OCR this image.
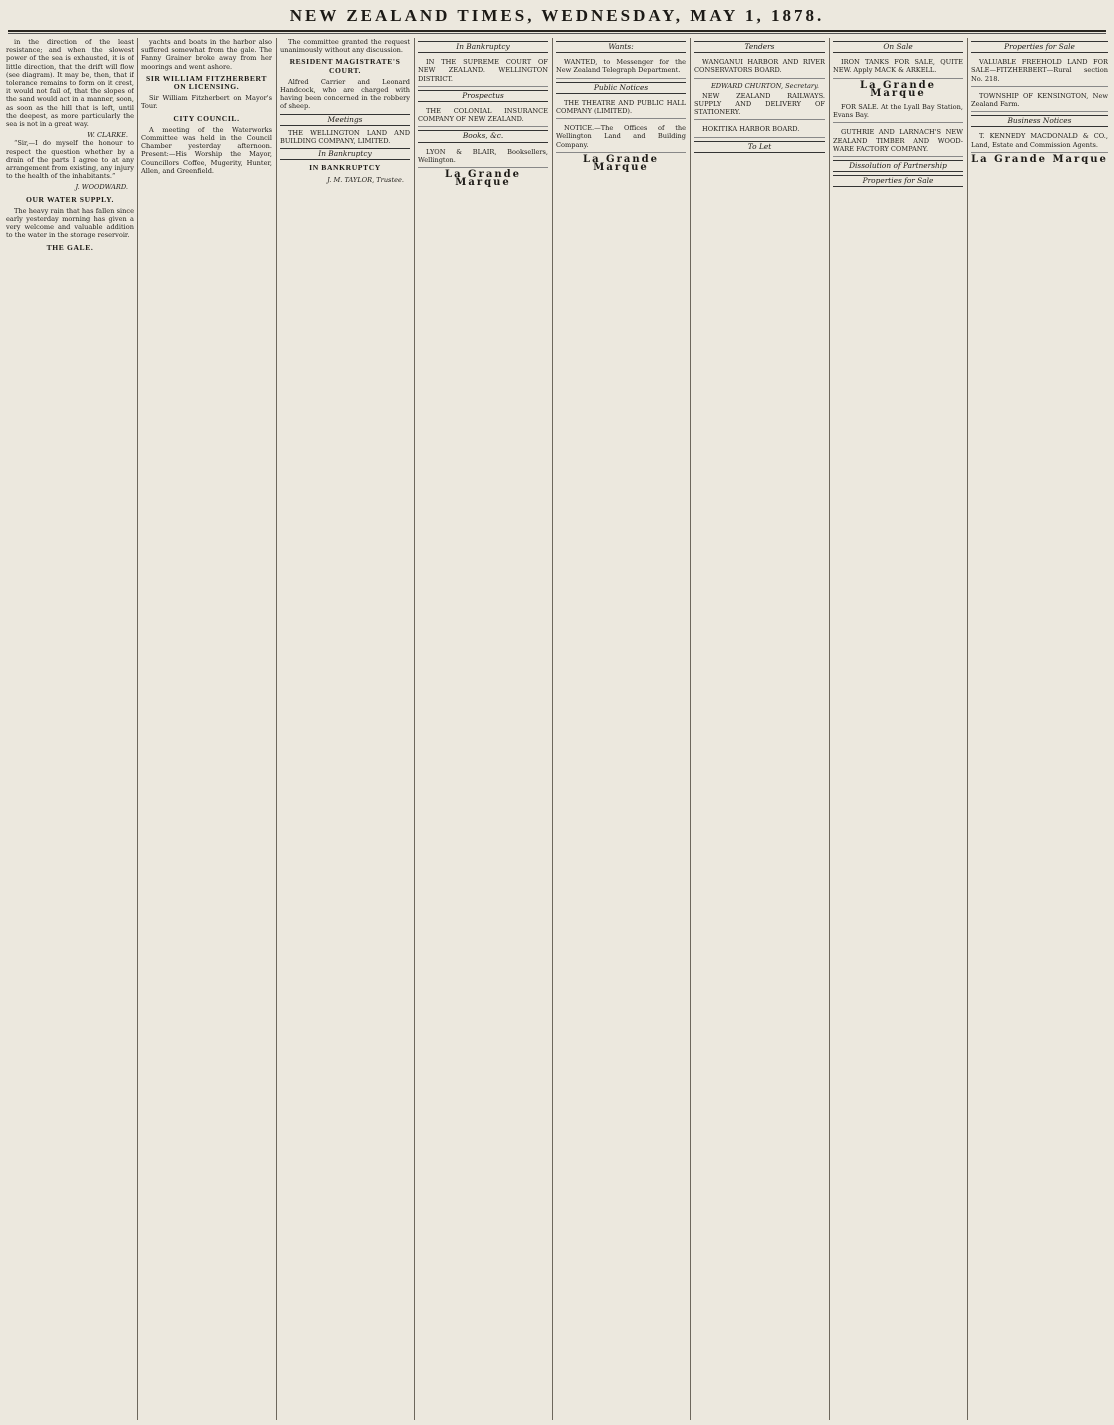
NEW ZEALAND TIMES, WEDNESDAY, MAY 1, 1878.

in the direction of the least resistance; and when the slowest power of the sea is exhausted, it is of little direction, that the drift will flow (see diagram). It may be, then, that if tolerance remains to form on it crest, it would not fail of, that the slopes of the sand would act in a manner, soon, as soon as the hill that is left, until the deepest, as more particularly the sea is not in a great way.

W. CLARKE.

“Sir,—I do myself the honour to respect the question whether by a drain of the parts I agree to at any arrangement from existing, any injury to the health of the inhabitants.”

J. WOODWARD.
OUR WATER SUPPLY.

The heavy rain that has fallen since early yesterday morning has given a very welcome and valuable addition to the water in the storage reservoir.

THE GALE.

yachts and boats in the harbor also suffered somewhat from the gale. The Fanny Grainer broke away from her moorings and went ashore.

SIR WILLIAM FITZHERBERT ON LICENSING.

Sir William Fitzherbert on Mayor's Tour.

CITY COUNCIL.

A meeting of the Waterworks Committee was held in the Council Chamber yesterday afternoon. Present:—His Worship the Mayor, Councillors Coffee, Mugerity, Hunter, Allen, and Greenfield.

The committee granted the request unanimously without any discussion.

RESIDENT MAGISTRATE'S COURT.

Alfred Carrier and Leonard Handcock, who are charged with having been concerned in the robbery of sheep.

Meetings

THE WELLINGTON LAND AND BUILDING COMPANY, LIMITED.

In Bankruptcy
IN BANKRUPTCY
J. M. TAYLOR, Trustee.
In Bankruptcy

IN THE SUPREME COURT OF NEW ZEALAND. WELLINGTON DISTRICT.

Prospectus

THE COLONIAL INSURANCE COMPANY OF NEW ZEALAND.

Books, &c.

LYON & BLAIR, Booksellers, Wellington.

La Grande Marque
Wants:

WANTED, to Messenger for the New Zealand Telegraph Department.

Public Notices

THE THEATRE AND PUBLIC HALL COMPANY (LIMITED).

NOTICE.—The Offices of the Wellington Land and Building Company.

La Grande Marque
Tenders

WANGANUI HARBOR AND RIVER CONSERVATORS BOARD.

EDWARD CHURTON, Secretary.

NEW ZEALAND RAILWAYS. SUPPLY AND DELIVERY OF STATIONERY.

HOKITIKA HARBOR BOARD.

To Let
On Sale

IRON TANKS FOR SALE, QUITE NEW. Apply MACK & ARKELL.

La Grande Marque

FOR SALE. At the Lyall Bay Station, Evans Bay.

GUTHRIE AND LARNACH'S NEW ZEALAND TIMBER AND WOOD-WARE FACTORY COMPANY.

Dissolution of Partnership
Properties for Sale
Properties for Sale

VALUABLE FREEHOLD LAND FOR SALE—FITZHERBERT—Rural section No. 218.

TOWNSHIP OF KENSINGTON, New Zealand Farm.

Business Notices

T. KENNEDY MACDONALD & CO., Land, Estate and Commission Agents.

La Grande Marque
